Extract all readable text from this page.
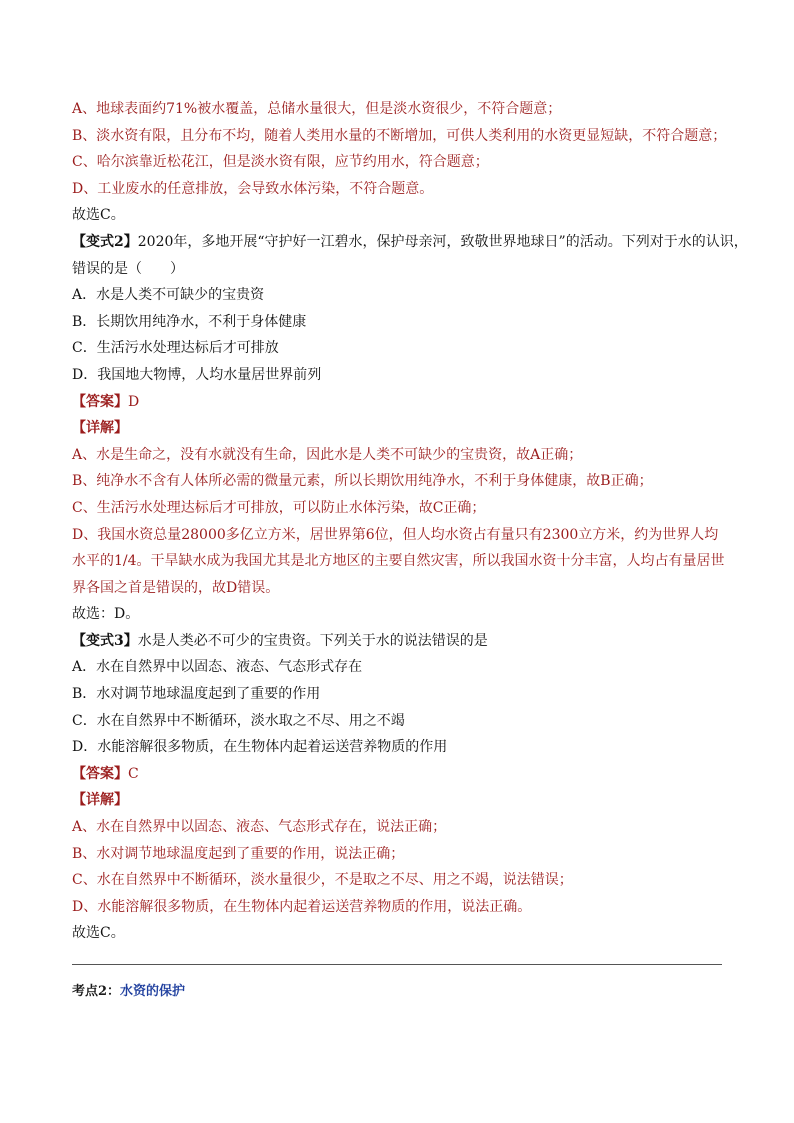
A、地球表面约71%被水覆盖，总储水量很大，但是淡水资很少，不符合题意；
B、淡水资有限，且分布不均，随着人类用水量的不断增加，可供人类利用的水资更显短缺，不符合题意；
C、哈尔滨靠近松花江，但是淡水资有限，应节约用水，符合题意；
D、工业废水的任意排放，会导致水体污染，不符合题意。
故选C。
【变式2】2020年，多地开展“守护好一江碧水，保护母亲河，致敬世界地球日”的活动。下列对于水的认识，
错误的是（　　）
A．水是人类不可缺少的宝贵资
B．长期饮用纯净水，不利于身体健康
C．生活污水处理达标后才可排放
D．我国地大物博，人均水量居世界前列
【答案】D
【详解】
A、水是生命之，没有水就没有生命，因此水是人类不可缺少的宝贵资，故A正确；
B、纯净水不含有人体所必需的微量元素，所以长期饮用纯净水，不利于身体健康，故B正确；
C、生活污水处理达标后才可排放，可以防止水体污染，故C正确；
D、我国水资总量28000多亿立方米，居世界第6位，但人均水资占有量只有2300立方米，约为世界人均
水平的1/4。干旱缺水成为我国尤其是北方地区的主要自然灾害，所以我国水资十分丰富，人均占有量居世
界各国之首是错误的，故D错误。
故选：D。
【变式3】水是人类必不可少的宝贵资。下列关于水的说法错误的是
A．水在自然界中以固态、液态、气态形式存在
B．水对调节地球温度起到了重要的作用
C．水在自然界中不断循环，淡水取之不尽、用之不竭
D．水能溶解很多物质，在生物体内起着运送营养物质的作用
【答案】C
【详解】
A、水在自然界中以固态、液态、气态形式存在，说法正确；
B、水对调节地球温度起到了重要的作用，说法正确；
C、水在自然界中不断循环，淡水量很少，不是取之不尽、用之不竭，说法错误；
D、水能溶解很多物质，在生物体内起着运送营养物质的作用，说法正确。
故选C。
考点2：水资的保护
